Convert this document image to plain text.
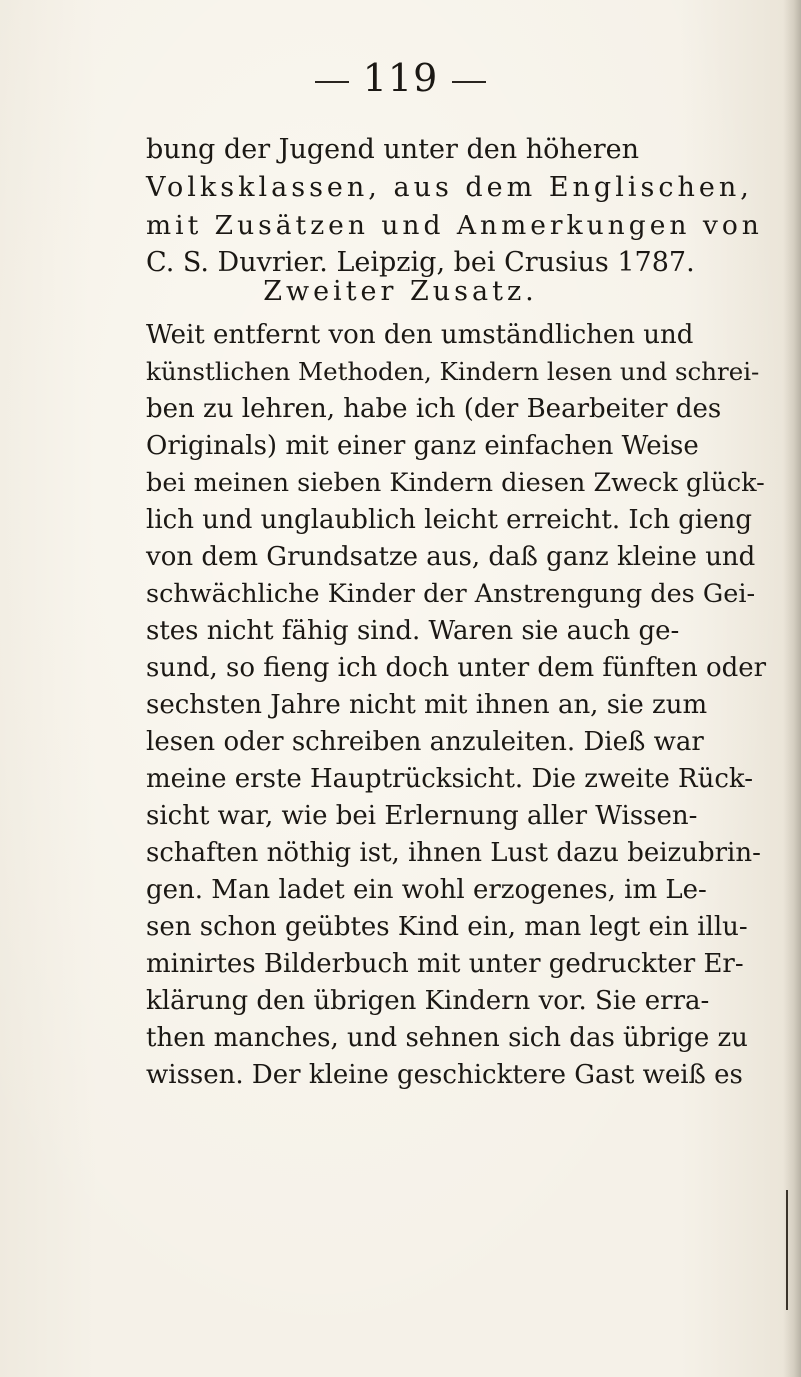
119
bung der Jugend unter den höheren
Volksklassen, aus dem Englischen,
mit Zusätzen und Anmerkungen von
C. S. Duvrier. Leipzig, bei Crusius 1787.
Zweiter Zusatz.
Weit entfernt von den umständlichen und
künstlichen Methoden, Kindern lesen und schrei-
ben zu lehren, habe ich (der Bearbeiter des
Originals) mit einer ganz einfachen Weise
bei meinen sieben Kindern diesen Zweck glück-
lich und unglaublich leicht erreicht. Ich gieng
von dem Grundsatze aus, daß ganz kleine und
schwächliche Kinder der Anstrengung des Gei-
stes nicht fähig sind. Waren sie auch ge-
sund, so fieng ich doch unter dem fünften oder
sechsten Jahre nicht mit ihnen an, sie zum
lesen oder schreiben anzuleiten. Dieß war
meine erste Hauptrücksicht. Die zweite Rück-
sicht war, wie bei Erlernung aller Wissen-
schaften nöthig ist, ihnen Lust dazu beizubrin-
gen. Man ladet ein wohl erzogenes, im Le-
sen schon geübtes Kind ein, man legt ein illu-
minirtes Bilderbuch mit unter gedruckter Er-
klärung den übrigen Kindern vor. Sie erra-
then manches, und sehnen sich das übrige zu
wissen. Der kleine geschicktere Gast weiß es
